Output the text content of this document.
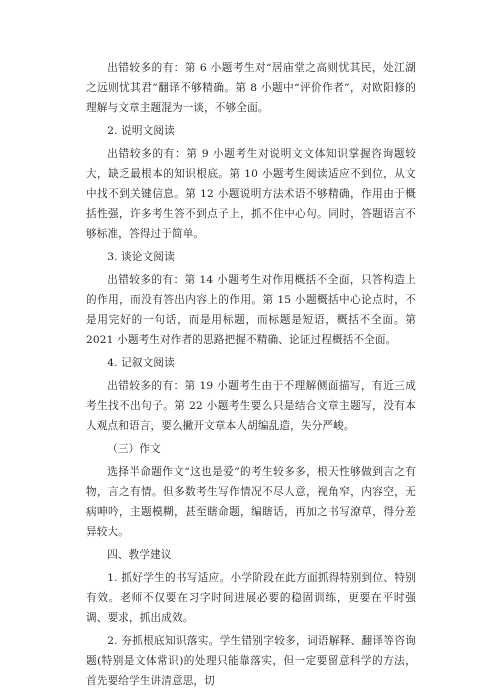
出错较多的有：第 6 小题考生对“居庙堂之高则忧其民，处江湖之远则忧其君”翻译不够精确。第 8 小题中“评价作者”，对欧阳修的理解与文章主题混为一谈，不够全面。

2. 说明文阅读

出错较多的有：第 9 小题考生对说明文文体知识掌握咨询题较大，缺乏最根本的知识根底。第 10 小题考生阅读适应不到位，从文中找不到关键信息。第 12 小题说明方法术语不够精确，作用由于概括性强，许多考生答不到点子上，抓不住中心句。同时，答题语言不够标准，答得过于简单。

3. 谈论文阅读

出错较多的有：第 14 小题考生对作用概括不全面，只答构造上的作用，而没有答出内容上的作用。第 15 小题概括中心论点时，不是用完好的一句话，而是用标题，而标题是短语，概括不全面。第 2021 小题考生对作者的思路把握不精确、论证过程概括不全面。

4. 记叙文阅读

出错较多的有：第 19 小题考生由于不理解侧面描写，有近三成考生找不出句子。第 22 小题考生要么只是结合文章主题写，没有本人观点和语言，要么撇开文章本人胡编乱造，失分严峻。

（三）作文

选择半命题作文“这也是爱”的考生较多多，根天性够做到言之有物，言之有情。但多数考生写作情况不尽人意，视角窄，内容空，无病呻吟，主题模糊，甚至瞎命题，编瞎话，再加之书写潦草，得分差异较大。

四、教学建议

1. 抓好学生的书写适应。小学阶段在此方面抓得特别到位、特别有效。老师不仅要在习字时间进展必要的稳固训练，更要在平时强调、要求，抓出成效。

2. 夯抓根底知识落实。学生错别字较多，词语解释、翻译等咨询题(特别是文体常识)的处理只能靠落实，但一定要留意科学的方法，首先要给学生讲清意思，切
